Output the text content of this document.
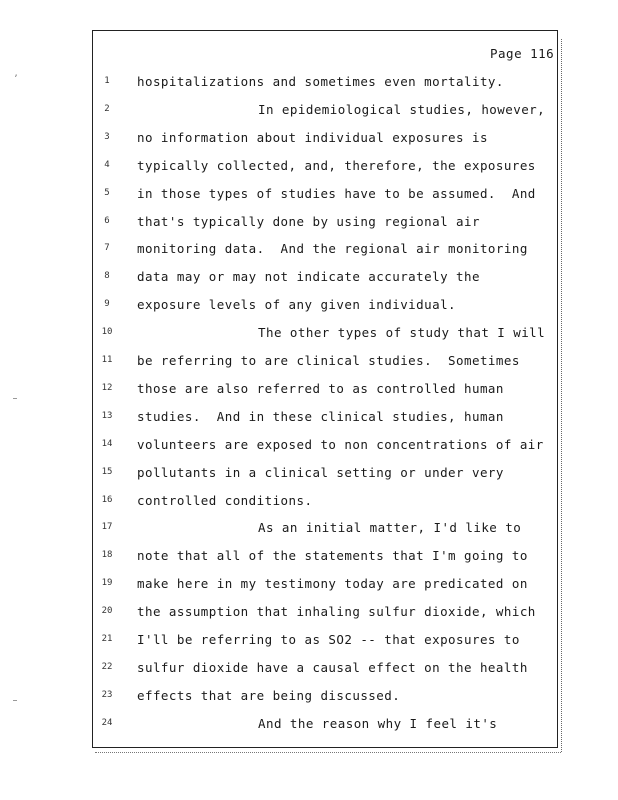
ʼ
Page 116
1	hospitalizations and sometimes even mortality.
2	In epidemiological studies, however,
3	no information about individual exposures is
4	typically collected, and, therefore, the exposures
5	in those types of studies have to be assumed.  And
6	that's typically done by using regional air
7	monitoring data.  And the regional air monitoring
8	data may or may not indicate accurately the
9	exposure levels of any given individual.
10	The other types of study that I will
11	be referring to are clinical studies.  Sometimes
12	those are also referred to as controlled human
13	studies.  And in these clinical studies, human
14	volunteers are exposed to non concentrations of air
15	pollutants in a clinical setting or under very
16	controlled conditions.
17	As an initial matter, I'd like to
18	note that all of the statements that I'm going to
19	make here in my testimony today are predicated on
20	the assumption that inhaling sulfur dioxide, which
21	I'll be referring to as SO2 -- that exposures to
22	sulfur dioxide have a causal effect on the health
23	effects that are being discussed.
24	And the reason why I feel it's
